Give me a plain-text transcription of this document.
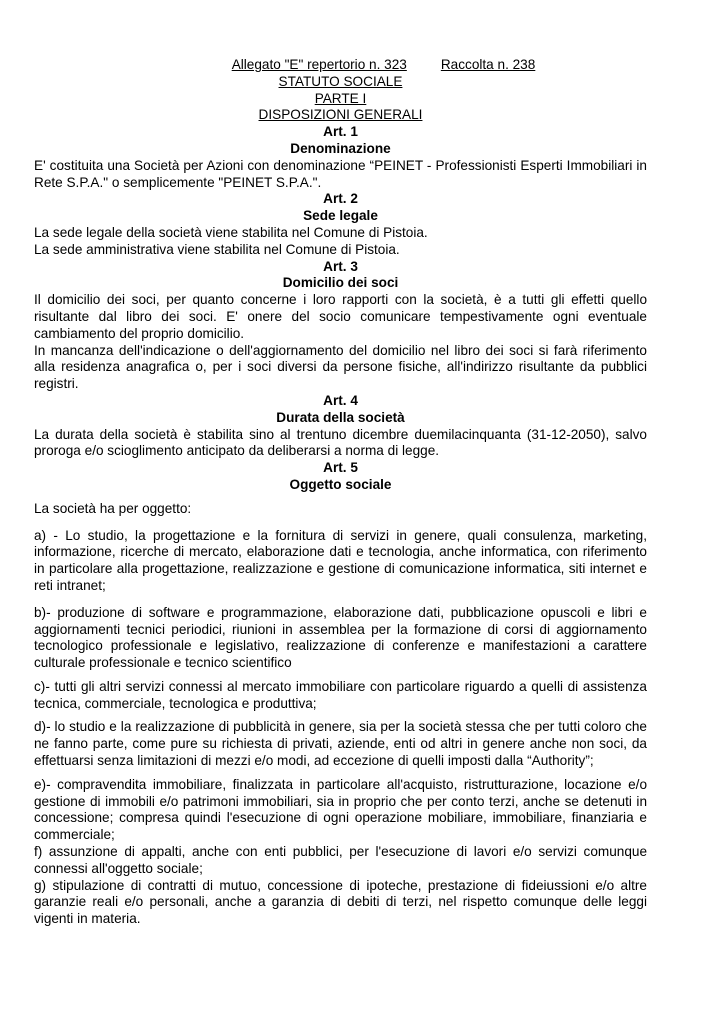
Allegato "E" repertorio n. 323	Raccolta n. 238
STATUTO SOCIALE
PARTE I
DISPOSIZIONI GENERALI
Art. 1
Denominazione

E' costituita una Società per Azioni con denominazione “PEINET - Professionisti Esperti Immobiliari in Rete S.P.A." o semplicemente "PEINET S.P.A.".

Art. 2
Sede legale

La sede legale della società viene stabilita nel Comune di Pistoia.

La sede amministrativa viene stabilita nel Comune di Pistoia.

Art. 3
Domicilio dei soci

Il domicilio dei soci, per quanto concerne i loro rapporti con la società, è a tutti gli effetti quello risultante dal libro dei soci. E' onere del socio comunicare tempestivamente ogni eventuale cambiamento del proprio domicilio.

In mancanza dell'indicazione o dell'aggiornamento del domicilio nel libro dei soci si farà riferimento alla residenza anagrafica o, per i soci diversi da persone fisiche, all'indirizzo risultante da pubblici registri.

Art. 4
Durata della società

La durata della società è stabilita sino al trentuno dicembre duemilacinquanta (31-12-2050), salvo proroga e/o scioglimento anticipato da deliberarsi a norma di legge.

Art. 5
Oggetto sociale

La società ha per oggetto:

a) - Lo studio, la progettazione e la fornitura di servizi in genere, quali consulenza, marketing, informazione, ricerche di mercato, elaborazione dati e tecnologia, anche informatica, con riferimento in particolare alla progettazione, realizzazione e gestione di comunicazione informatica, siti internet e reti intranet;

b)- produzione di software e programmazione, elaborazione dati, pubblicazione opuscoli e libri e aggiornamenti tecnici periodici, riunioni in assemblea per la formazione di corsi di aggiornamento tecnologico professionale e legislativo, realizzazione di conferenze e manifestazioni a carattere culturale professionale e tecnico scientifico

c)- tutti gli altri servizi connessi al mercato immobiliare con particolare riguardo a quelli di assistenza tecnica, commerciale, tecnologica e produttiva;

d)- lo studio e la realizzazione di pubblicità in genere, sia per la società stessa che per tutti coloro che ne fanno parte, come pure su richiesta di privati, aziende, enti od altri in genere anche non soci, da effettuarsi senza limitazioni di mezzi e/o modi, ad eccezione di quelli imposti dalla “Authority”;

e)- compravendita immobiliare, finalizzata in particolare all'acquisto, ristrutturazione, locazione e/o gestione di immobili e/o patrimoni immobiliari, sia in proprio che per conto terzi, anche se detenuti in concessione; compresa quindi l'esecuzione di ogni operazione mobiliare, immobiliare, finanziaria e commerciale;

f) assunzione di appalti, anche con enti pubblici, per l'esecuzione di lavori e/o servizi comunque connessi all'oggetto sociale;

g) stipulazione di contratti di mutuo, concessione di ipoteche, prestazione di fideiussioni e/o altre garanzie reali e/o personali, anche a garanzia di debiti di terzi, nel rispetto comunque delle leggi vigenti in materia.
